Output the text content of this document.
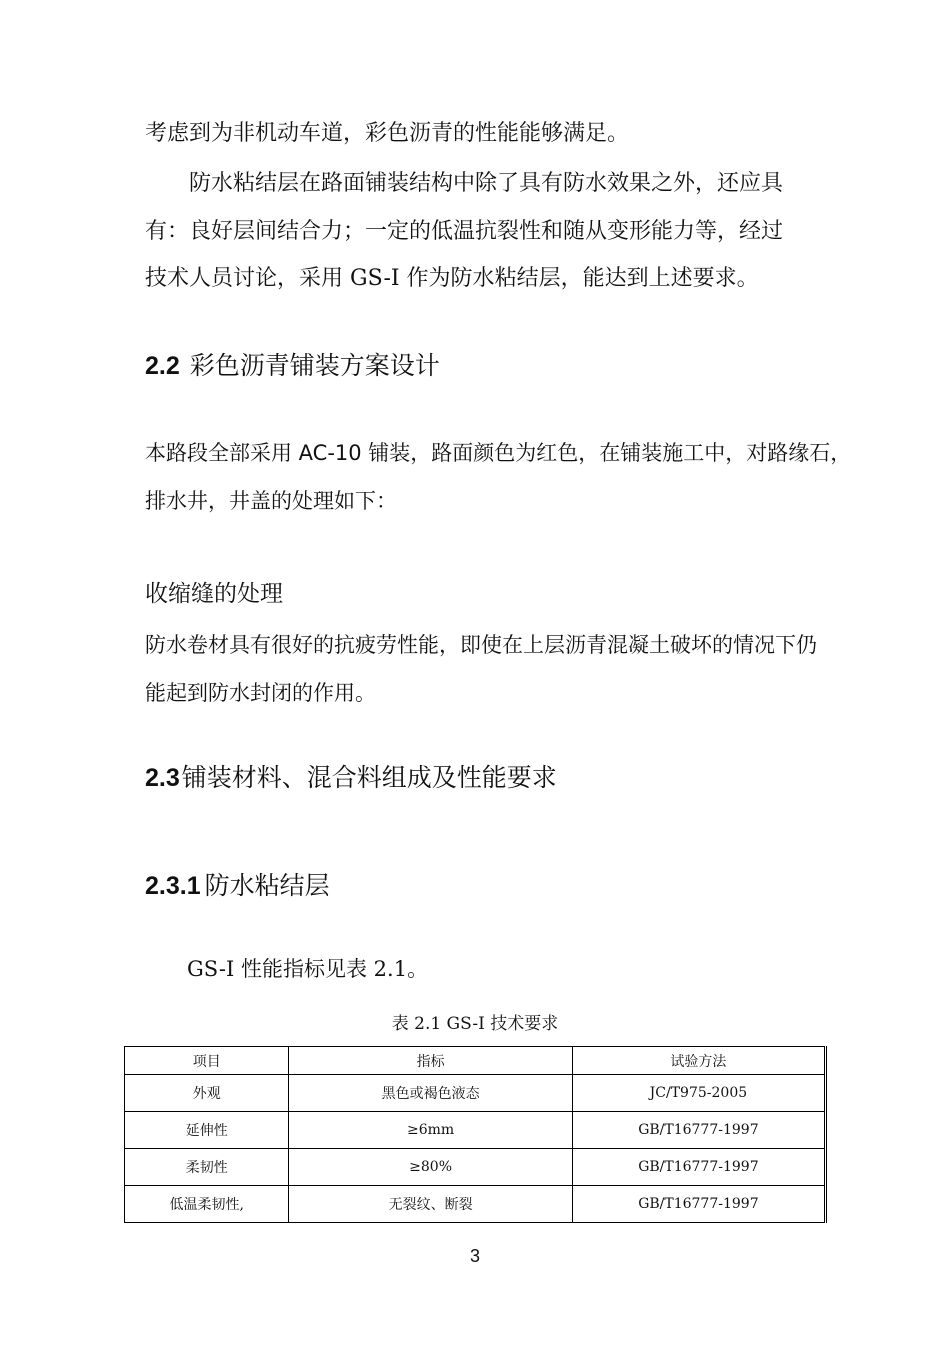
考虑到为非机动车道，彩色沥青的性能能够满足。
防水粘结层在路面铺装结构中除了具有防水效果之外，还应具
有：良好层间结合力；一定的低温抗裂性和随从变形能力等，经过
技术人员讨论，采用 GS-I 作为防水粘结层，能达到上述要求。
2.2 彩色沥青铺装方案设计
本路段全部采用 AC-10 铺装，路面颜色为红色，在铺装施工中，对路缘石，
排水井，井盖的处理如下：
收缩缝的处理
防水卷材具有很好的抗疲劳性能，即使在上层沥青混凝土破坏的情况下仍
能起到防水封闭的作用。
2.3铺装材料、混合料组成及性能要求
2.3.1 防水粘结层
GS-I 性能指标见表 2.1。
表 2.1 GS-I 技术要求
项目	指标	试验方法
外观	黑色或褐色液态	JC/T975-2005
延伸性	≥6mm	GB/T16777-1997
柔韧性	≥80%	GB/T16777-1997
低温柔韧性,	无裂纹、断裂	GB/T16777-1997
3
